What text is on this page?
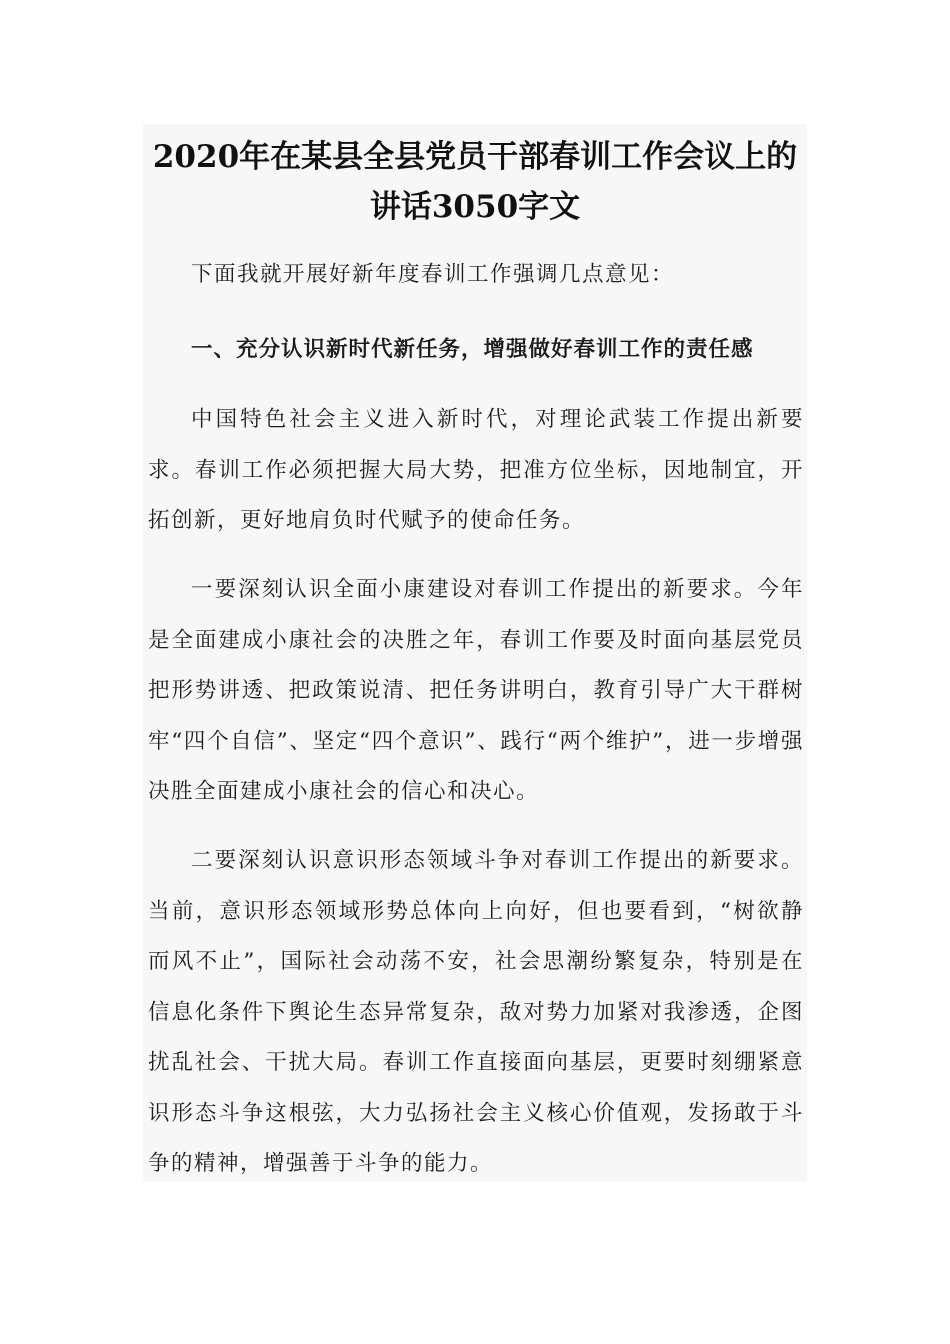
2020年在某县全县党员干部春训工作会议上的
讲话3050字文

下面我就开展好新年度春训工作强调几点意见：

一、充分认识新时代新任务，增强做好春训工作的责任感

中国特色社会主义进入新时代，对理论武装工作提出新要求。春训工作必须把握大局大势，把准方位坐标，因地制宜，开拓创新，更好地肩负时代赋予的使命任务。

一要深刻认识全面小康建设对春训工作提出的新要求。今年是全面建成小康社会的决胜之年，春训工作要及时面向基层党员把形势讲透、把政策说清、把任务讲明白，教育引导广大干群树牢“四个自信”、坚定“四个意识”、践行“两个维护”，进一步增强决胜全面建成小康社会的信心和决心。

二要深刻认识意识形态领域斗争对春训工作提出的新要求。当前，意识形态领域形势总体向上向好，但也要看到，“树欲静而风不止”，国际社会动荡不安，社会思潮纷繁复杂，特别是在信息化条件下舆论生态异常复杂，敌对势力加紧对我渗透，企图扰乱社会、干扰大局。春训工作直接面向基层，更要时刻绷紧意识形态斗争这根弦，大力弘扬社会主义核心价值观，发扬敢于斗争的精神，增强善于斗争的能力。
